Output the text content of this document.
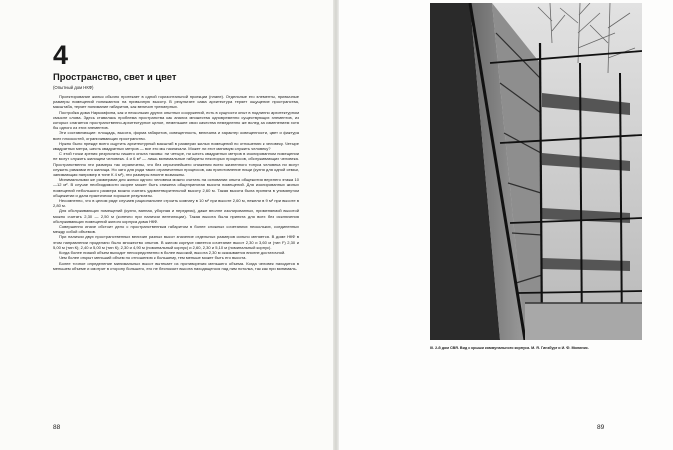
4
Пространство, свет и цвет
(Опытный дом НКФ)

Проектирование жилья обычно протекает в одной горизонтальной проекции (плане). Отдельные его элементы, привычные размеры помещений понижаются на привычную высоту. В результате сама архитектура теряет ощущение пространства, масштаба, теряет понимание габаритов, как величин трехмерных.

Постройка дома Наркомфина, как и нескольких других опытных сооружений, есть в сущности опыт в подлинно архитектурном смысле слова. Здесь ставилась проблема пространства как анализ множества одновременно существующих элементов, из которых слагается пространственно-архитектурное целое, неменьшее свои качества немедленно же вслед за изменением хотя бы одного из этих элементов.

Эти составляющие: площадь, высота, форма габаритов, освещенность, величина и характер освещенности, цвет и фактура всех плоскостей, ограничивающих пространство.

Нужно было прежде всего ощутить архитектурный масштаб в размерах жилых помещений по отношению к человеку. Четыре квадратных метра, шесть квадратных метров — все это мы назначали. Может ли этот минимум служить человеку?

С этой точки зрения результаты нашего опыта таковы: ни четыре, ни шесть квадратных метров в изолированном помещении не могут служить жилищем человека. 4 и 6 м² — лишь минимальные габариты некоторых процессов, обслуживающих человека. Пространственно эти размеры так ограничены, что без серьезнейшего снижения всего жизненного тонуса человека ни могут служить рамками его жилища. Но зато для ряда таких ограниченных процессов, как приготовление пищи (кухня для одной семьи, занимающая например в типе К 4 м²), эти размеры вполне возможны.

Минимальными же размерами для жилья одного человека можно считать на основании опыта общежития верхнего этажа 10—12 м². В случае необходимости скорее может быть снижена общепринятая высота помещений. Для изолированных жилых помещений небольшого размера можно считать удовлетворительной высоту 2,60 м. Такая высота была принята в упомянутом общежитии и дала практически хорошие результаты.

Несомненно, что в целом ряде случаев рациональнее строить комнату в 10 м² при высоте 2,60 м, нежели в 9 м² при высоте в 2,80 м.

Для обслуживающих помещений (кухня, ванная, уборная и передняя), даже вполне изолированных, применяемой высотой можно считать 2,30 — 2,50 м (конечно при наличии вентиляции). Такая высота была принята для всех без исключения обслуживающих помещений жилого корпуса дома НКФ.

Совершенно иначе обстоит дело с пространственным габаритом в более сложных сочетаниях нескольких, соединенных между собой объемов.

При наличии двух пространственных величин разных высот значение отдельных размеров сильно меняется. В доме НКФ в этом направлении проделано было множество опытов. В жилом корпусе имеется сочетание высот 2,30 и 3,60 м (тип F) 2,30 и 5,00 м (тип К); 2,40 и 5,00 м (тип К); 2,30 и 4,90 м (номинальный корпус) и 2,60, 2,30 и 5,10 м (номинальный корпус).

Когда более низкий объем выходит непосредственно в более высокий, высота 2,30 м оказывается вполне достаточной.

Чем более открыт меньший объем по отношению к большему, тем меньше может быть его высота.

Более точное определение минимальных высот вытекает из противоречия меньшего объема. Когда человек находится в меньшем объеме и смотрит в сторону большего, его не беспокоит высота находящегося над ним потолка, так как при минималь-

88
Ill. 2-й дом СВЯ. Вид с крыши коммунального корпуса. М. Я. Гинзбург и И. Ф. Милинис.
89
